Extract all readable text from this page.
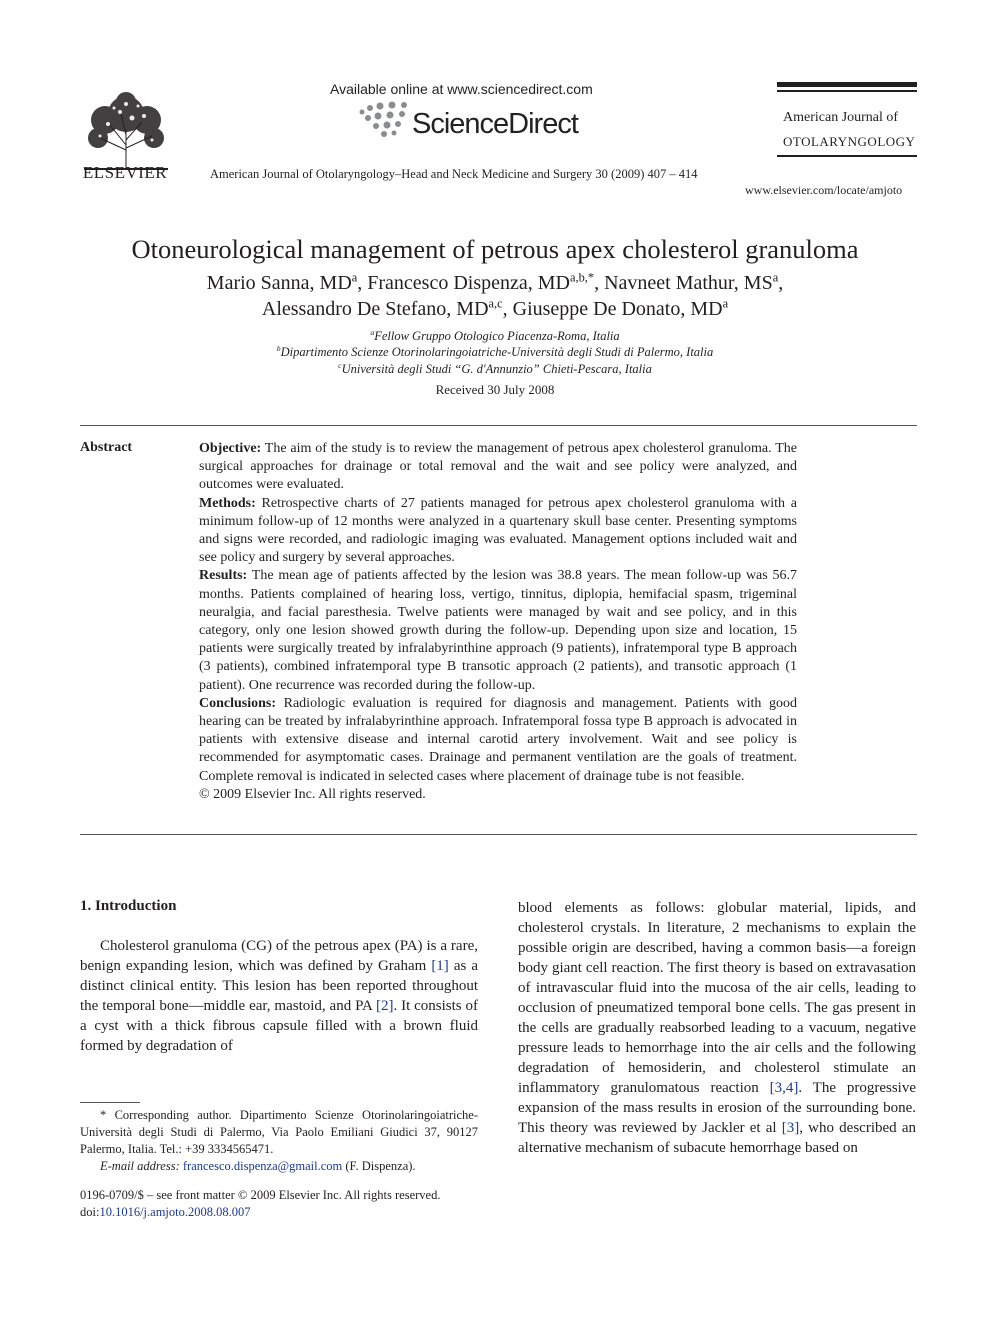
ELSEVIER
Available online at www.sciencedirect.com
ScienceDirect
American Journal of Otolaryngology–Head and Neck Medicine and Surgery 30 (2009) 407 – 414
American Journal of
OTOLARYNGOLOGY
www.elsevier.com/locate/amjoto
Otoneurological management of petrous apex cholesterol granuloma
Mario Sanna, $MD^a$, Francesco Dispenza, $MD^{a,b,*}$, Navneet Mathur, $MS^a$,
Alessandro De Stefano, MD$^{a,c}$, Giuseppe De Donato, $MD^a$
$^a$Fellow Gruppo Otologico Piacenza-Roma, Italia
$^b$Dipartimento Scienze Otorinolaringoiatriche-Università degli Studi di Palermo, Italia
$^c$Università degli Studi “G. d'Annunzio” Chieti-Pescara, Italia
Received 30 July 2008
Abstract	Objective: The aim of the study is to review the management of petrous apex cholesterol granuloma. The surgical approaches for drainage or total removal and the wait and see policy were analyzed, and outcomes were evaluated.

Methods: Retrospective charts of 27 patients managed for petrous apex cholesterol granuloma with a minimum follow-up of 12 months were analyzed in a quartenary skull base center. Presenting symptoms and signs were recorded, and radiologic imaging was evaluated. Management options included wait and see policy and surgery by several approaches.

Results: The mean age of patients affected by the lesion was 38.8 years. The mean follow-up was 56.7 months. Patients complained of hearing loss, vertigo, tinnitus, diplopia, hemifacial spasm, trigeminal neuralgia, and facial paresthesia. Twelve patients were managed by wait and see policy, and in this category, only one lesion showed growth during the follow-up. Depending upon size and location, 15 patients were surgically treated by infralabyrinthine approach (9 patients), infratemporal type B approach (3 patients), combined infratemporal type B transotic approach (2 patients), and transotic approach (1 patient). One recurrence was recorded during the follow-up.

Conclusions: Radiologic evaluation is required for diagnosis and management. Patients with good hearing can be treated by infralabyrinthine approach. Infratemporal fossa type B approach is advocated in patients with extensive disease and internal carotid artery involvement. Wait and see policy is recommended for asymptomatic cases. Drainage and permanent ventilation are the goals of treatment. Complete removal is indicated in selected cases where placement of drainage tube is not feasible.

© 2009 Elsevier Inc. All rights reserved.

1. Introduction

Cholesterol granuloma (CG) of the petrous apex (PA) is a rare, benign expanding lesion, which was defined by Graham [1] as a distinct clinical entity. This lesion has been reported throughout the temporal bone—middle ear, mastoid, and PA [2]. It consists of a cyst with a thick fibrous capsule filled with a brown fluid formed by degradation of

blood elements as follows: globular material, lipids, and cholesterol crystals. In literature, 2 mechanisms to explain the possible origin are described, having a common basis—a foreign body giant cell reaction. The first theory is based on extravasation of intravascular fluid into the mucosa of the air cells, leading to occlusion of pneumatized temporal bone cells. The gas present in the cells are gradually reabsorbed leading to a vacuum, negative pressure leads to hemorrhage into the air cells and the following degradation of hemosiderin, and cholesterol stimulate an inflammatory granulomatous reaction [3,4]. The progressive expansion of the mass results in erosion of the surrounding bone. This theory was reviewed by Jackler et al [3], who described an alternative mechanism of subacute hemorrhage based on

* Corresponding author. Dipartimento Scienze Otorinolaringoiatriche-Università degli Studi di Palermo, Via Paolo Emiliani Giudici 37, 90127 Palermo, Italia. Tel.: +39 3334565471.

E-mail address: francesco.dispenza@gmail.com (F. Dispenza).

0196-0709/$ – see front matter © 2009 Elsevier Inc. All rights reserved.

doi:10.1016/j.amjoto.2008.08.007
